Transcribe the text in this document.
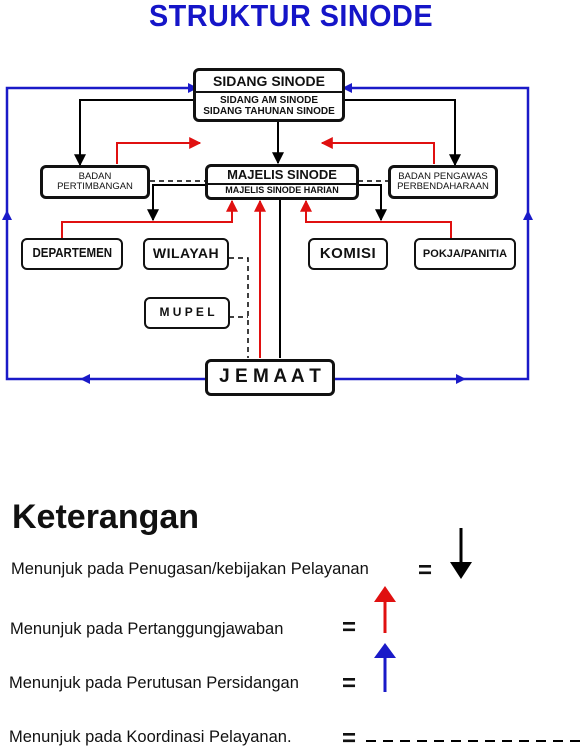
STRUKTUR SINODE
SIDANG SINODE
SIDANG AM SINODE
SIDANG TAHUNAN SINODE
BADAN
PERTIMBANGAN
MAJELIS SINODE
MAJELIS SINODE HARIAN
BADAN PENGAWAS
PERBENDAHARAAN
DEPARTEMEN	WILAYAH	KOMISI	POKJA/PANITIA
M U P E L
J E M A A T
Keterangan
Menunjuk pada Penugasan/kebijakan Pelayanan =
Menunjuk pada Pertanggungjawaban =
Menunjuk pada Perutusan Persidangan =
Menunjuk pada Koordinasi Pelayanan. =
